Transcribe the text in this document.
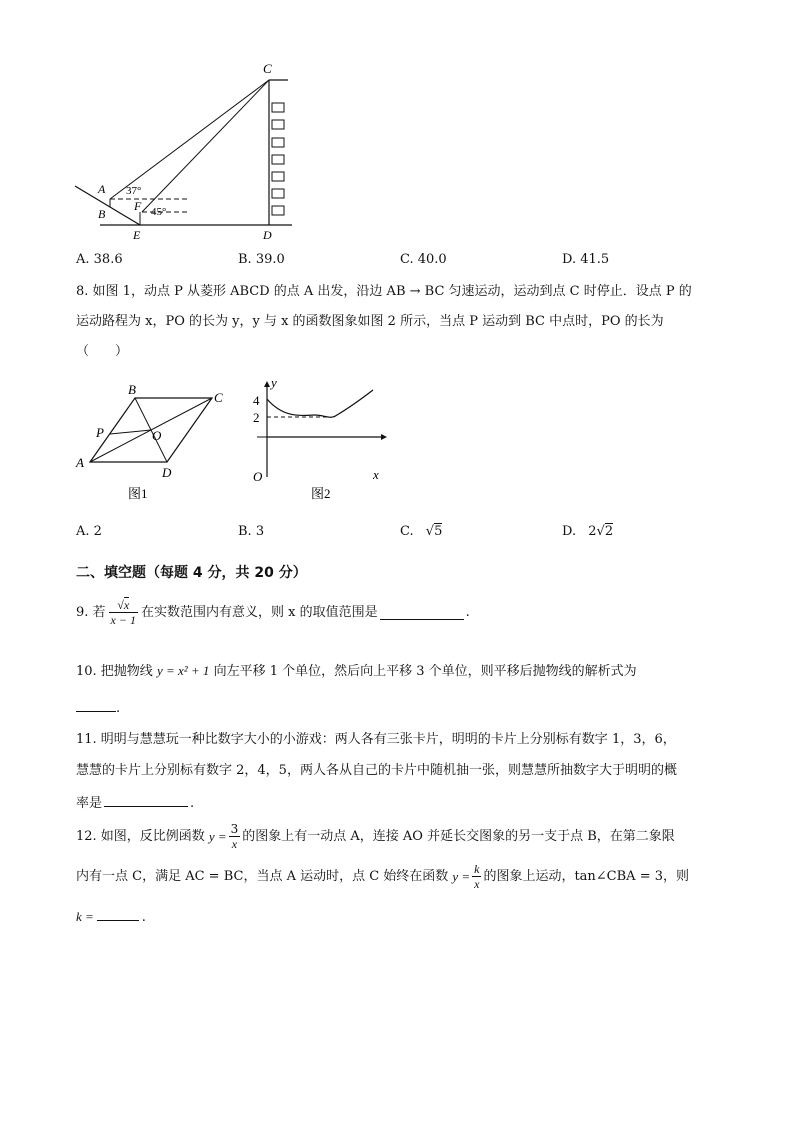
C
A
B
F
E	D
37°
45°
A. 38.6	B. 39.0	C. 40.0	D. 41.5
8. 如图 1，动点 P 从菱形 ABCD 的点 A 出发，沿边 AB → BC 匀速运动，运动到点 C 时停止．设点 P 的
运动路程为 x，PO 的长为 y，y 与 x 的函数图象如图 2 所示，当点 P 运动到 BC 中点时，PO 的长为
（　　）
B
C
P	O
A
D
图1
y
x
O
4
2
图2
A. 2	B. 3	C. √5	D. 2√2
二、填空题（每题 4 分，共 20 分）
9. 若 $\frac{√x}{x - 1}$ 在实数范围内有意义，则 x 的取值范围是	.
10. 把抛物线 y = x² + 1 向左平移 1 个单位，然后向上平移 3 个单位，则平移后抛物线的解析式为
.
11. 明明与慧慧玩一种比数字大小的小游戏：两人各有三张卡片，明明的卡片上分别标有数字 1，3，6，
慧慧的卡片上分别标有数字 2，4，5，两人各从自己的卡片中随机抽一张，则慧慧所抽数字大于明明的概
率是	.
12. 如图，反比例函数 $y = \frac{3}{x}$ 的图象上有一动点 A，连接 AO 并延长交图象的另一支于点 B，在第二象限
内有一点 C，满足 AC = BC，当点 A 运动时，点 C 始终在函数 $y = \frac{k}{x}$ 的图象上运动，tan∠CBA = 3，则
k =	.
